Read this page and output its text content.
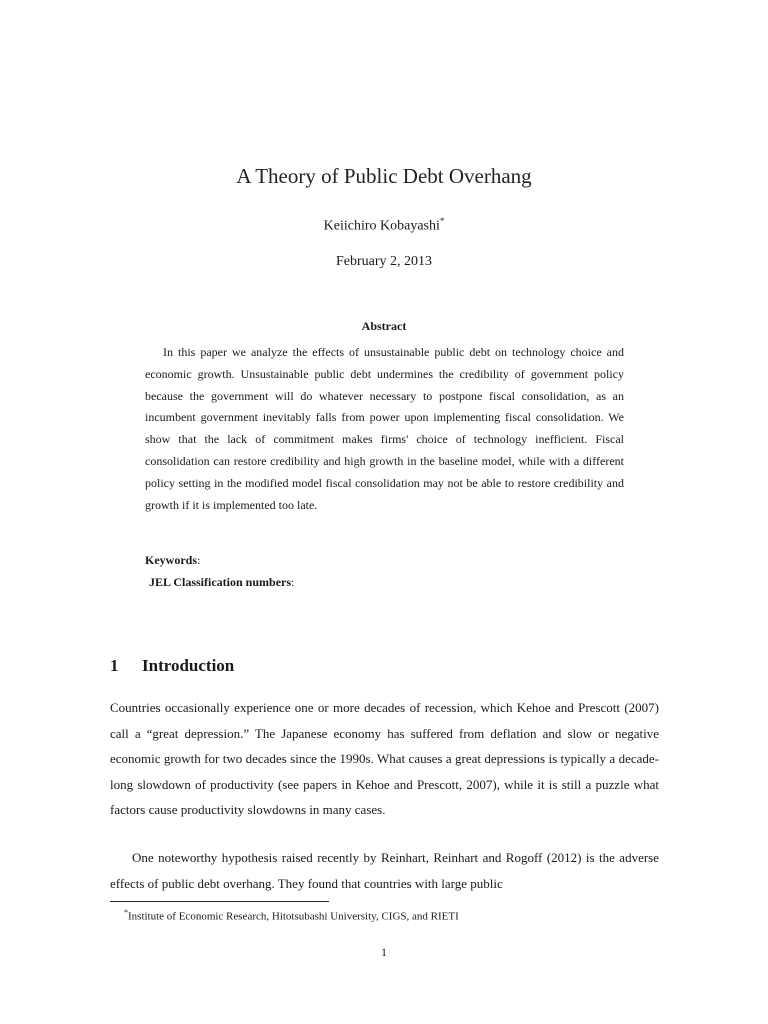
A Theory of Public Debt Overhang
Keiichiro Kobayashi*
February 2, 2013
Abstract
In this paper we analyze the effects of unsustainable public debt on technology choice and economic growth. Unsustainable public debt undermines the credibility of government policy because the government will do whatever necessary to postpone fiscal consolidation, as an incumbent government inevitably falls from power upon implementing fiscal consolidation. We show that the lack of commitment makes firms' choice of technology inefficient. Fiscal consolidation can restore credibility and high growth in the baseline model, while with a different policy setting in the modified model fiscal consolidation may not be able to restore credibility and growth if it is implemented too late.
Keywords:
JEL Classification numbers:
1 Introduction
Countries occasionally experience one or more decades of recession, which Kehoe and Prescott (2007) call a “great depression.” The Japanese economy has suffered from deflation and slow or negative economic growth for two decades since the 1990s. What causes a great depressions is typically a decade-long slowdown of productivity (see papers in Kehoe and Prescott, 2007), while it is still a puzzle what factors cause productivity slowdowns in many cases.
One noteworthy hypothesis raised recently by Reinhart, Reinhart and Rogoff (2012) is the adverse effects of public debt overhang. They found that countries with large public
*Institute of Economic Research, Hitotsubashi University, CIGS, and RIETI
1
